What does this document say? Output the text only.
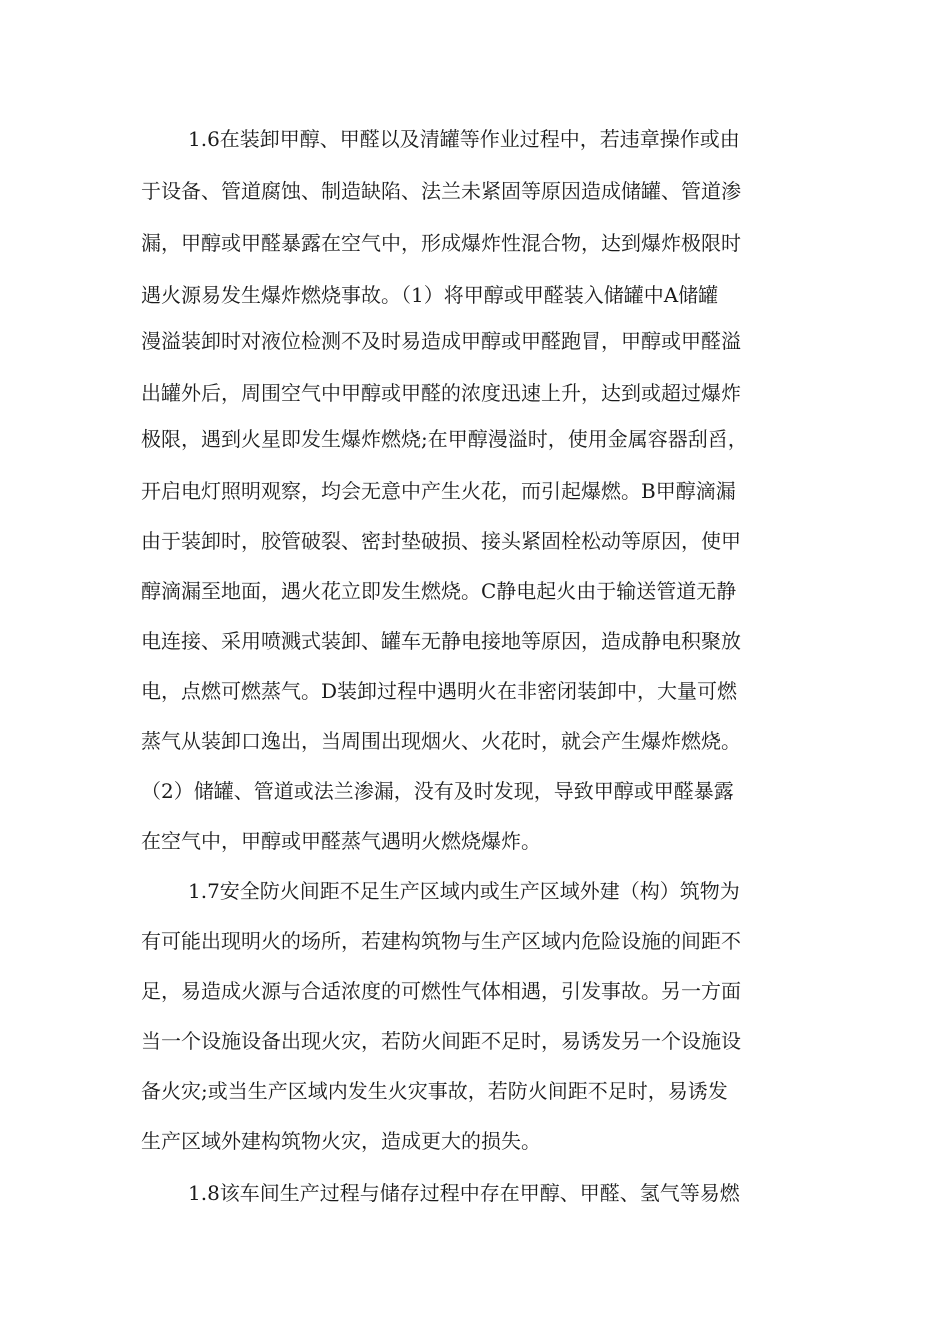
1.6在装卸甲醇、甲醛以及清罐等作业过程中，若违章操作或由
于设备、管道腐蚀、制造缺陷、法兰未紧固等原因造成储罐、管道渗
漏，甲醇或甲醛暴露在空气中，形成爆炸性混合物，达到爆炸极限时
遇火源易发生爆炸燃烧事故。（1）将甲醇或甲醛装入储罐中A储罐
漫溢装卸时对液位检测不及时易造成甲醇或甲醛跑冒，甲醇或甲醛溢
出罐外后，周围空气中甲醇或甲醛的浓度迅速上升，达到或超过爆炸
极限，遇到火星即发生爆炸燃烧;在甲醇漫溢时，使用金属容器刮舀，
开启电灯照明观察，均会无意中产生火花，而引起爆燃。B甲醇滴漏
由于装卸时，胶管破裂、密封垫破损、接头紧固栓松动等原因，使甲
醇滴漏至地面，遇火花立即发生燃烧。C静电起火由于输送管道无静
电连接、采用喷溅式装卸、罐车无静电接地等原因，造成静电积聚放
电，点燃可燃蒸气。D装卸过程中遇明火在非密闭装卸中，大量可燃
蒸气从装卸口逸出，当周围出现烟火、火花时，就会产生爆炸燃烧。
（2）储罐、管道或法兰渗漏，没有及时发现，导致甲醇或甲醛暴露
在空气中，甲醇或甲醛蒸气遇明火燃烧爆炸。
1.7安全防火间距不足生产区域内或生产区域外建（构）筑物为
有可能出现明火的场所，若建构筑物与生产区域内危险设施的间距不
足，易造成火源与合适浓度的可燃性气体相遇，引发事故。另一方面
当一个设施设备出现火灾，若防火间距不足时，易诱发另一个设施设
备火灾;或当生产区域内发生火灾事故，若防火间距不足时，易诱发
生产区域外建构筑物火灾，造成更大的损失。
1.8该车间生产过程与储存过程中存在甲醇、甲醛、氢气等易燃
